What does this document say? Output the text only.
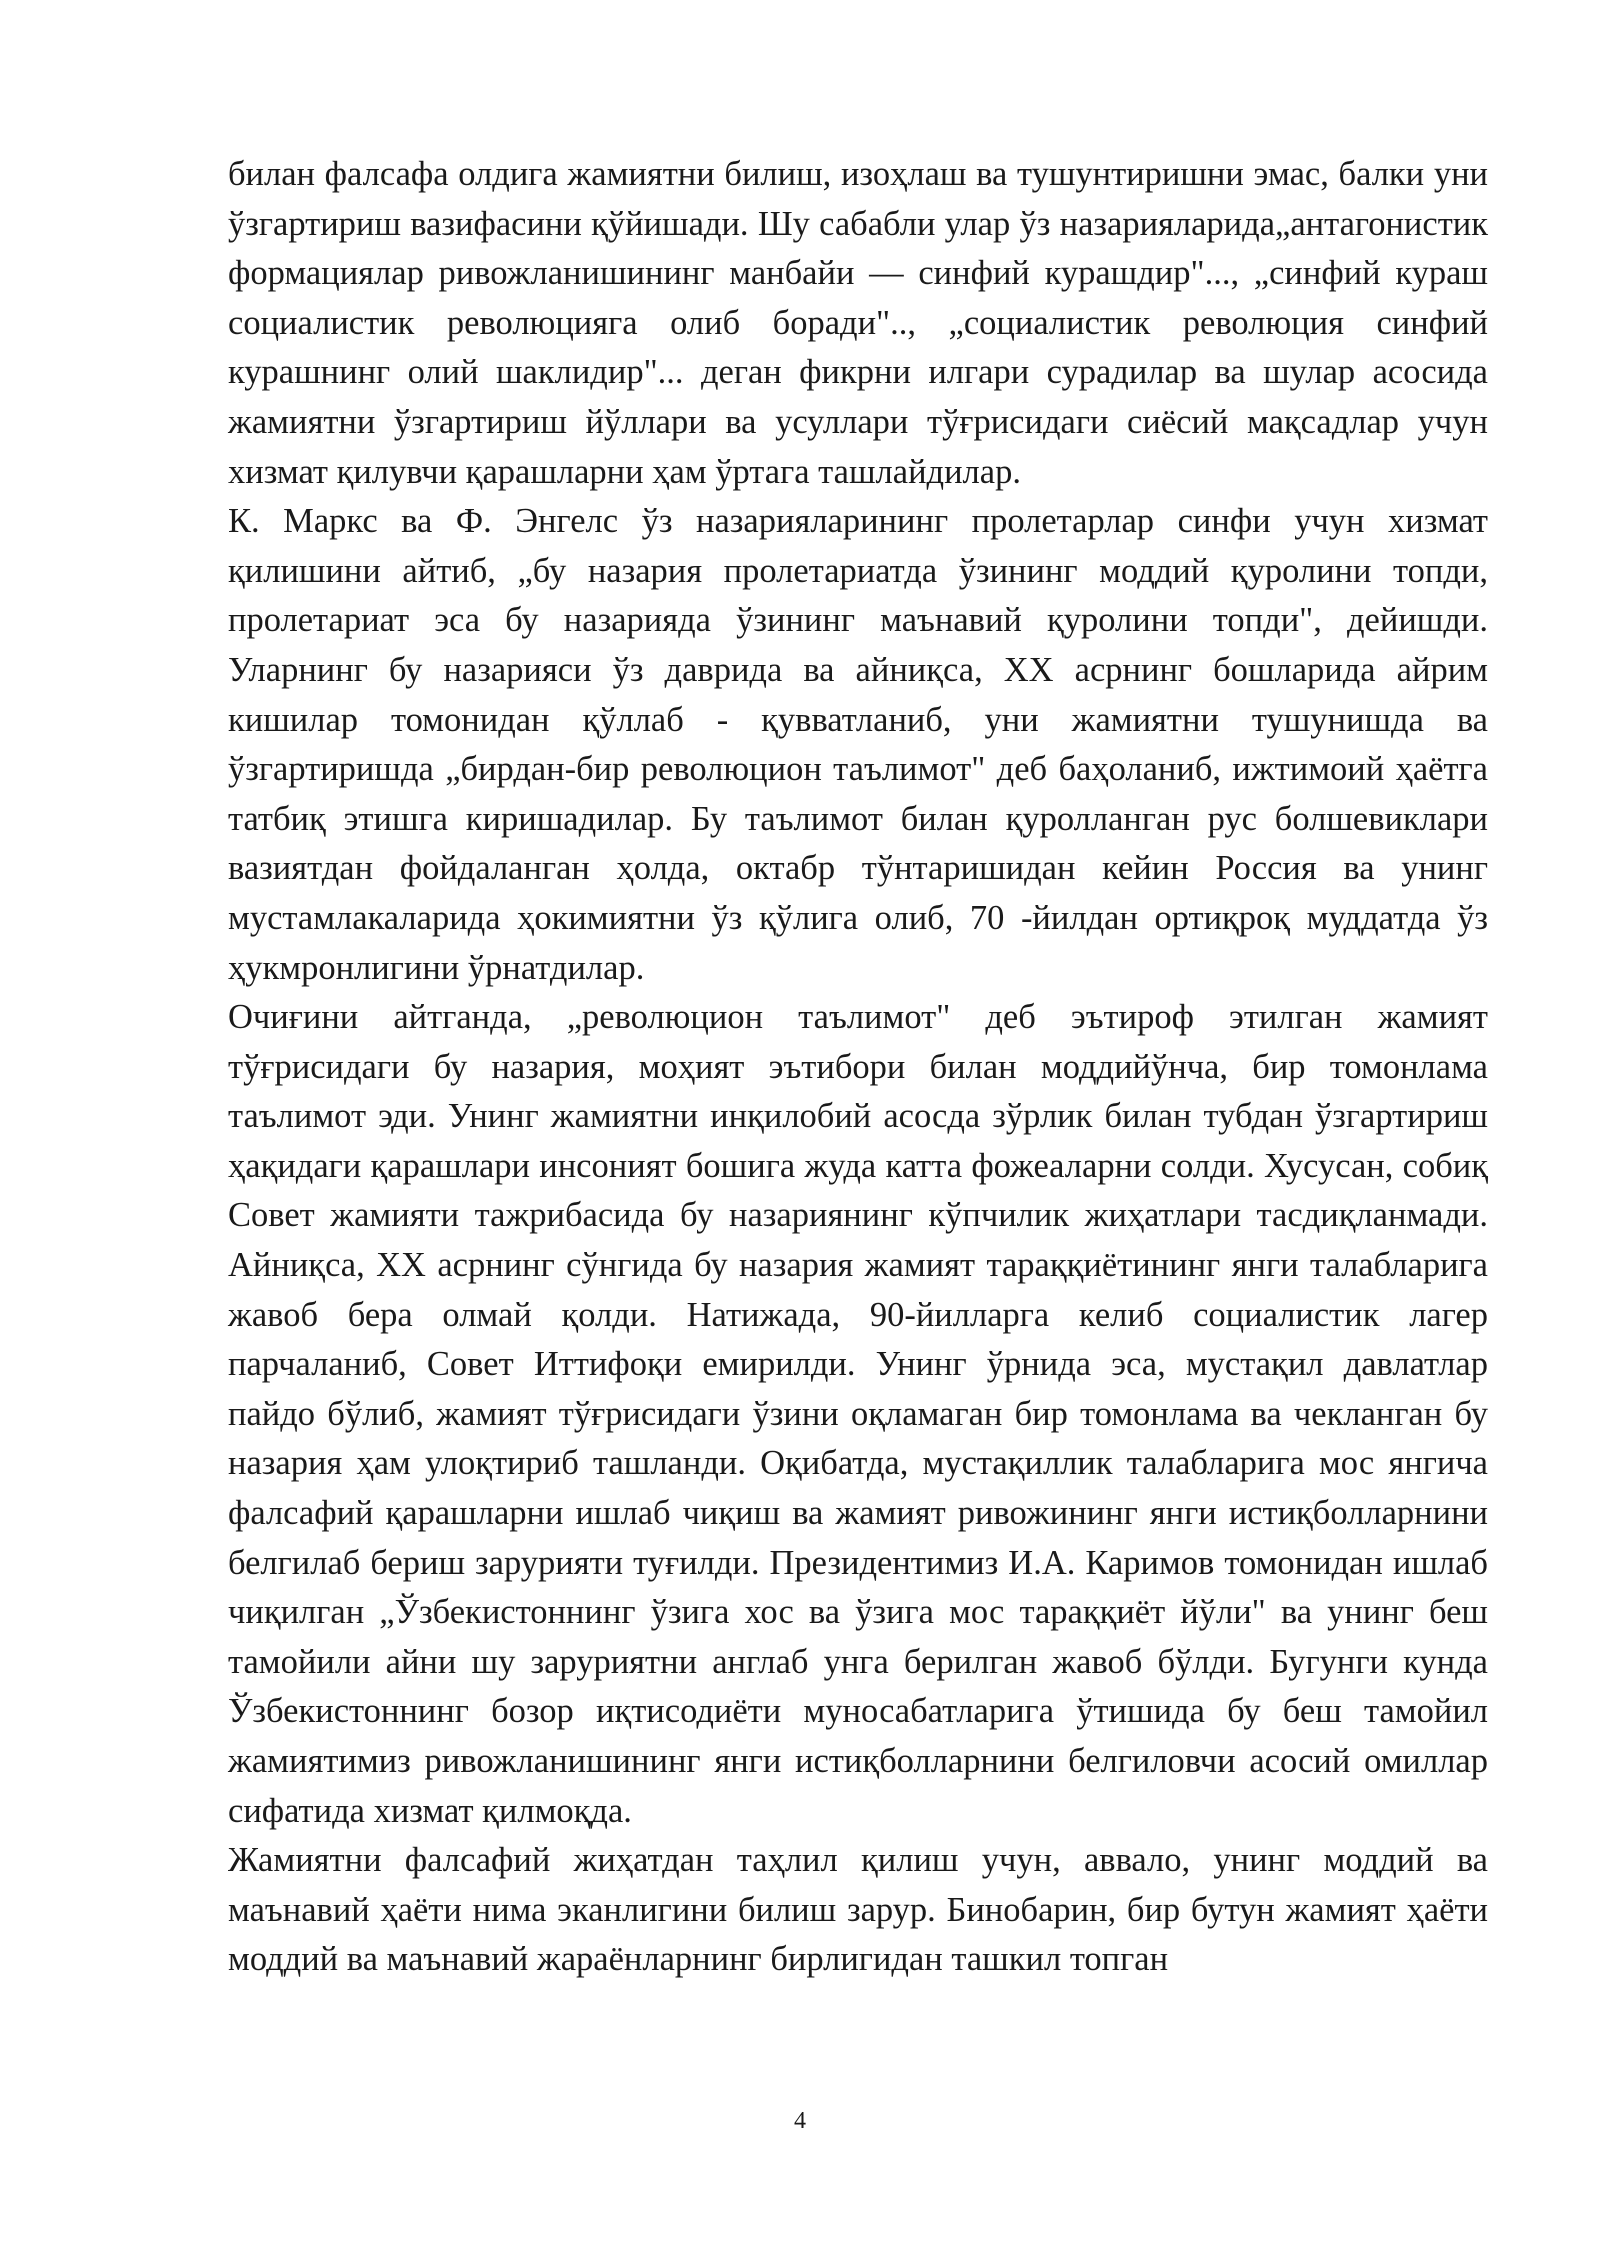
билан фалсафа олдига жамиятни билиш, изоҳлаш ва тушунтиришни эмас, балки уни ўзгартириш вазифасини қўйишади. Шу сабабли улар ўз назарияларида„антагонистик формациялар ривожланишининг манбайи — синфий курашдир"..., „синфий кураш социалистик революцияга олиб боради".., „социалистик революция синфий курашнинг олий шаклидир"... деган фикрни илгари сурадилар ва шулар асосида жамиятни ўзгартириш йўллари ва усуллари тўғрисидаги сиёсий мақсадлар учун хизмат қилувчи қарашларни ҳам ўртага ташлайдилар.

К. Маркс ва Ф. Энгелс ўз назарияларининг пролетарлар синфи учун хизмат қилишини айтиб, „бу назария пролетариатда ўзининг моддий қуролини топди, пролетариат эса бу назарияда ўзининг маънавий қуролини топди", дейишди. Уларнинг бу назарияси ўз даврида ва айниқса, XX асрнинг бошларида айрим кишилар томонидан қўллаб - қувватланиб, уни жамиятни тушунишда ва ўзгартиришда „бирдан-бир революцион таълимот" деб баҳоланиб, ижтимоий ҳаётга татбиқ этишга киришадилар. Бу таълимот билан қуролланган рус болшевиклари вазиятдан фойдаланган ҳолда, октабр тўнтаришидан кейин Россия ва унинг мустамлакаларида ҳокимиятни ўз қўлига олиб, 70 -йилдан ортиқроқ муддатда ўз ҳукмронлигини ўрнатдилар.

Очиғини айтганда, „революцион таълимот" деб эътироф этилган жамият тўғрисидаги бу назария, моҳият эътибори билан моддийўнча, бир томонлама таълимот эди. Унинг жамиятни инқилобий асосда зўрлик билан тубдан ўзгартириш ҳақидаги қарашлари инсоният бошига жуда катта фожеаларни солди. Хусусан, собиқ Совет жамияти тажрибасида бу назариянинг кўпчилик жиҳатлари тасдиқланмади. Айниқса, XX асрнинг сўнгида бу назария жамият тараққиётининг янги талабларига жавоб бера олмай қолди. Натижада, 90-йилларга келиб социалистик лагер парчаланиб, Совет Иттифоқи емирилди. Унинг ўрнида эса, мустақил давлатлар пайдо бўлиб, жамият тўғрисидаги ўзини оқламаган бир томонлама ва чекланган бу назария ҳам улоқтириб ташланди. Оқибатда, мустақиллик талабларига мос янгича фалсафий қарашларни ишлаб чиқиш ва жамият ривожининг янги истиқболларнини белгилаб бериш зарурияти туғилди. Президентимиз И.А. Каримов томонидан ишлаб чиқилган „Ўзбекистоннинг ўзига хос ва ўзига мос тараққиёт йўли" ва унинг беш тамойили айни шу заруриятни англаб унга берилган жавоб бўлди. Бугунги кунда Ўзбекистоннинг бозор иқтисодиёти муносабатларига ўтишида бу беш тамойил жамиятимиз ривожланишининг янги истиқболларнини белгиловчи асосий омиллар сифатида хизмат қилмоқда.

Жамиятни фалсафий жиҳатдан таҳлил қилиш учун, аввало, унинг моддий ва маънавий ҳаёти нима эканлигини билиш зарур. Бинобарин, бир бутун жамият ҳаёти моддий ва маънавий жараёнларнинг бирлигидан ташкил топган

4
